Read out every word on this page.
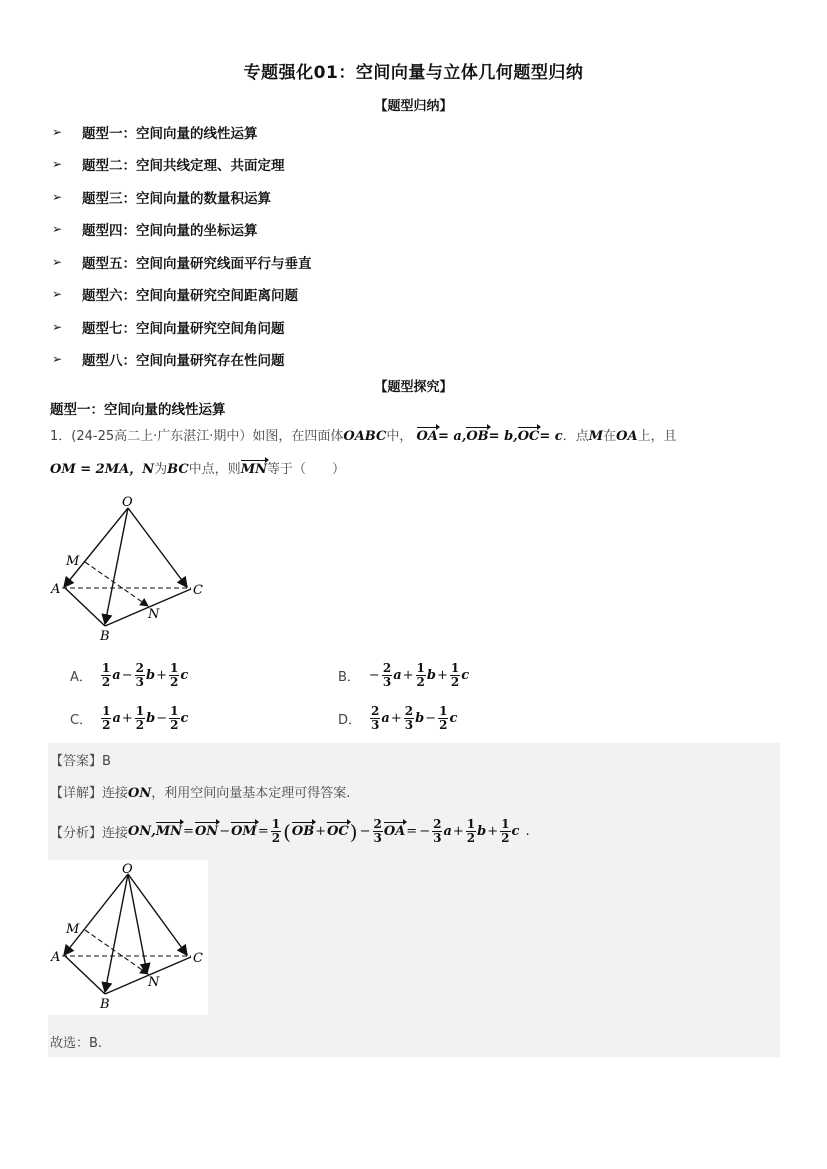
专题强化01：空间向量与立体几何题型归纳
【题型归纳】
➢	题型一：空间向量的线性运算
➢	题型二：空间共线定理、共面定理
➢	题型三：空间向量的数量积运算
➢	题型四：空间向量的坐标运算
➢	题型五：空间向量研究线面平行与垂直
➢	题型六：空间向量研究空间距离问题
➢	题型七：空间向量研究空间角问题
➢	题型八：空间向量研究存在性问题
【题型探究】
题型一：空间向量的线性运算
1．(24-25高二上·广东湛江·期中）如图，在四面体OABC中， OA= a,OB= b,OC= c．点M在OA上，且
OM = 2MA，N为BC中点，则MN等于（　　）
O
A
B
C
M
N
A． $\frac{1}{2}$ $a - \frac{2}{3}$ $b + \frac{1}{2}$ c	B． − $\frac{2}{3}$ $a + \frac{1}{2}$ $b + \frac{1}{2}$ c
C． $\frac{1}{2}$ $a + \frac{1}{2}$ $b - \frac{1}{2}$ c	D． $\frac{2}{3}$ $a + \frac{2}{3}$ $b - \frac{1}{2}$ c
【答案】B
【详解】连接ON，利用空间向量基本定理可得答案.
【分析】 连接 ON , MN = ON − OM = $\frac{1}{2}$ ( OB + OC ) − $\frac{2}{3}$ OA = − $\frac{2}{3}$ $a + \frac{1}{2}$ $b + \frac{1}{2}$ c .
O
A
B
C
M
N
故选：B.
